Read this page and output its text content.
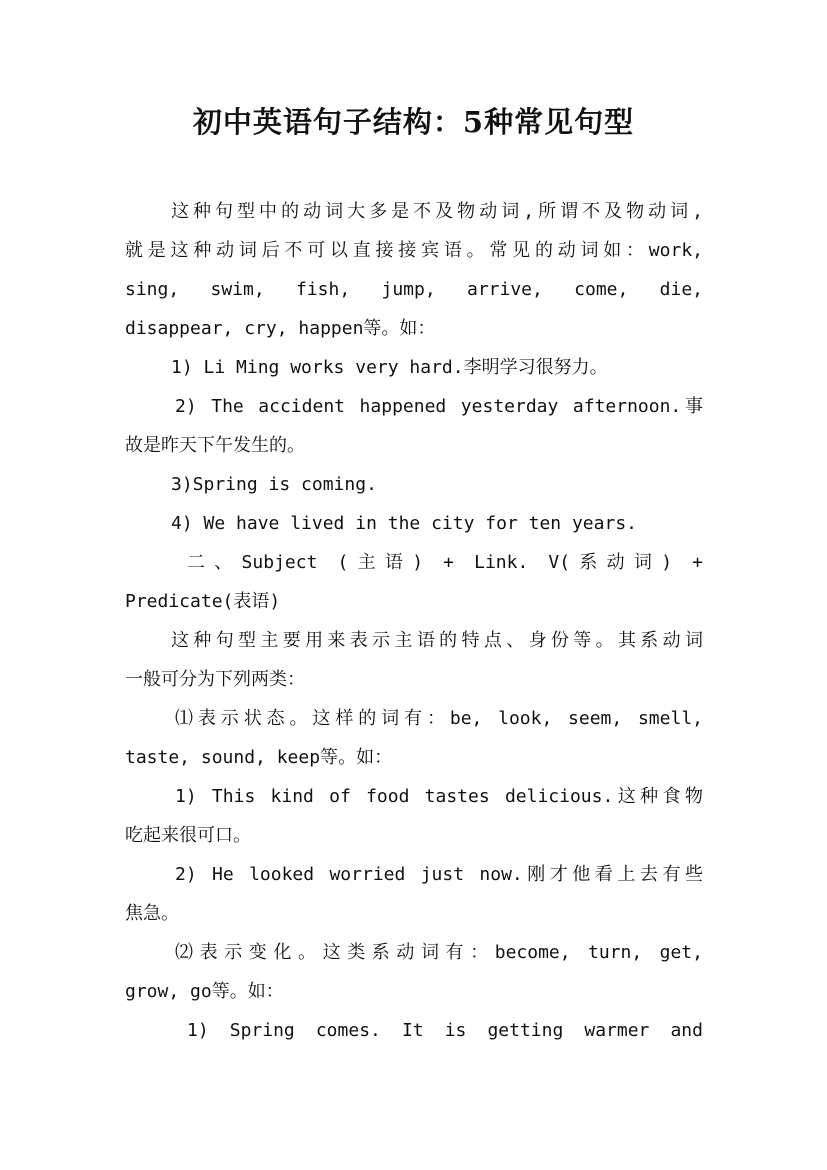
初中英语句子结构：5种常见句型
这种句型中的动词大多是不及物动词,所谓不及物动词,
就是这种动词后不可以直接接宾语。常见的动词如：work,
sing, swim, fish, jump, arrive, come, die,
disappear, cry, happen等。如：
1) Li Ming works very hard.李明学习很努力。
2) The accident happened yesterday afternoon.事
故是昨天下午发生的。
3)Spring is coming.
4) We have lived in the city for ten years.
二、Subject (主语) + Link. V(系动词) +
Predicate(表语)
这种句型主要用来表示主语的特点、身份等。其系动词
一般可分为下列两类：
⑴表示状态。这样的词有：be, look, seem, smell,
taste, sound, keep等。如：
1) This kind of food tastes delicious.这种食物
吃起来很可口。
2) He looked worried just now.刚才他看上去有些
焦急。
⑵表示变化。这类系动词有：become, turn, get,
grow, go等。如：
1) Spring comes. It is getting warmer and
